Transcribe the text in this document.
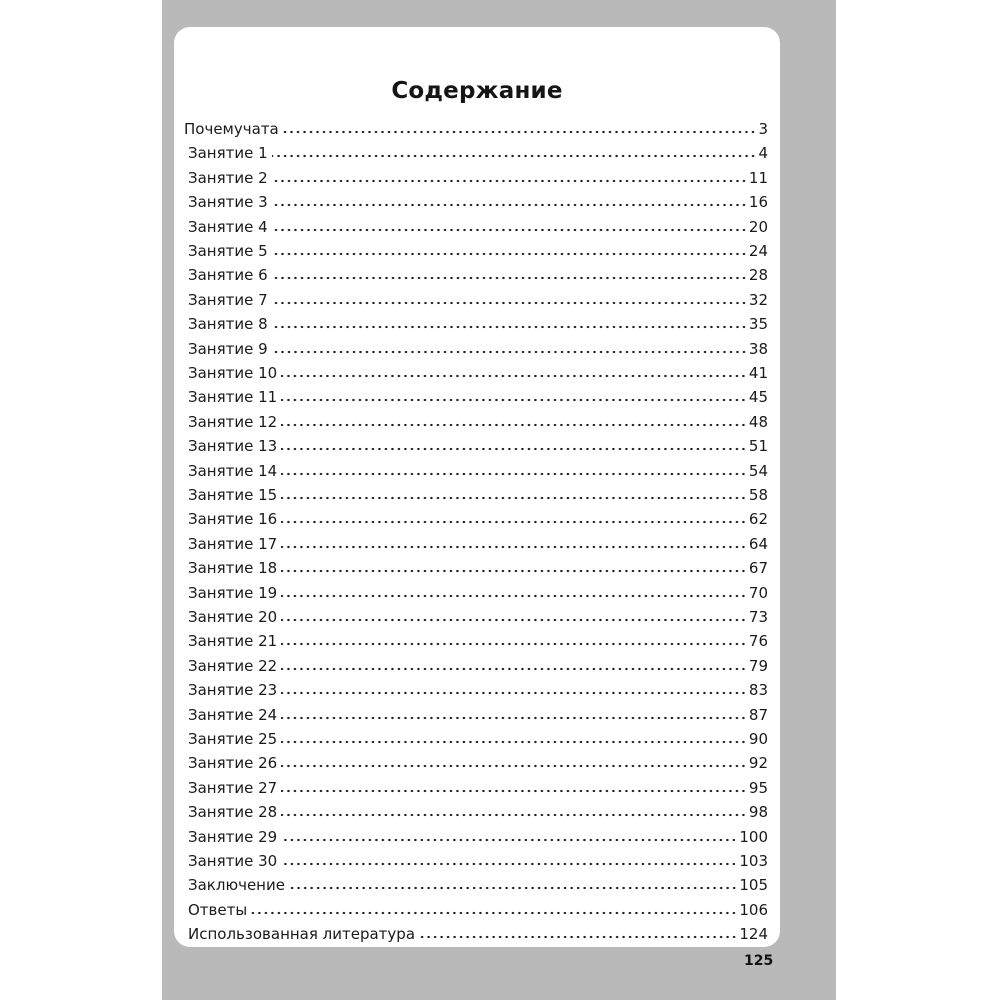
Содержание
Почемучата	3
Занятие 1	4
Занятие 2	11
Занятие 3	16
Занятие 4	20
Занятие 5	24
Занятие 6	28
Занятие 7	32
Занятие 8	35
Занятие 9	38
Занятие 10	41
Занятие 11	45
Занятие 12	48
Занятие 13	51
Занятие 14	54
Занятие 15	58
Занятие 16	62
Занятие 17	64
Занятие 18	67
Занятие 19	70
Занятие 20	73
Занятие 21	76
Занятие 22	79
Занятие 23	83
Занятие 24	87
Занятие 25	90
Занятие 26	92
Занятие 27	95
Занятие 28	98
Занятие 29	100
Занятие 30	103
Заключение	105
Ответы	106
Использованная литература	124
125
